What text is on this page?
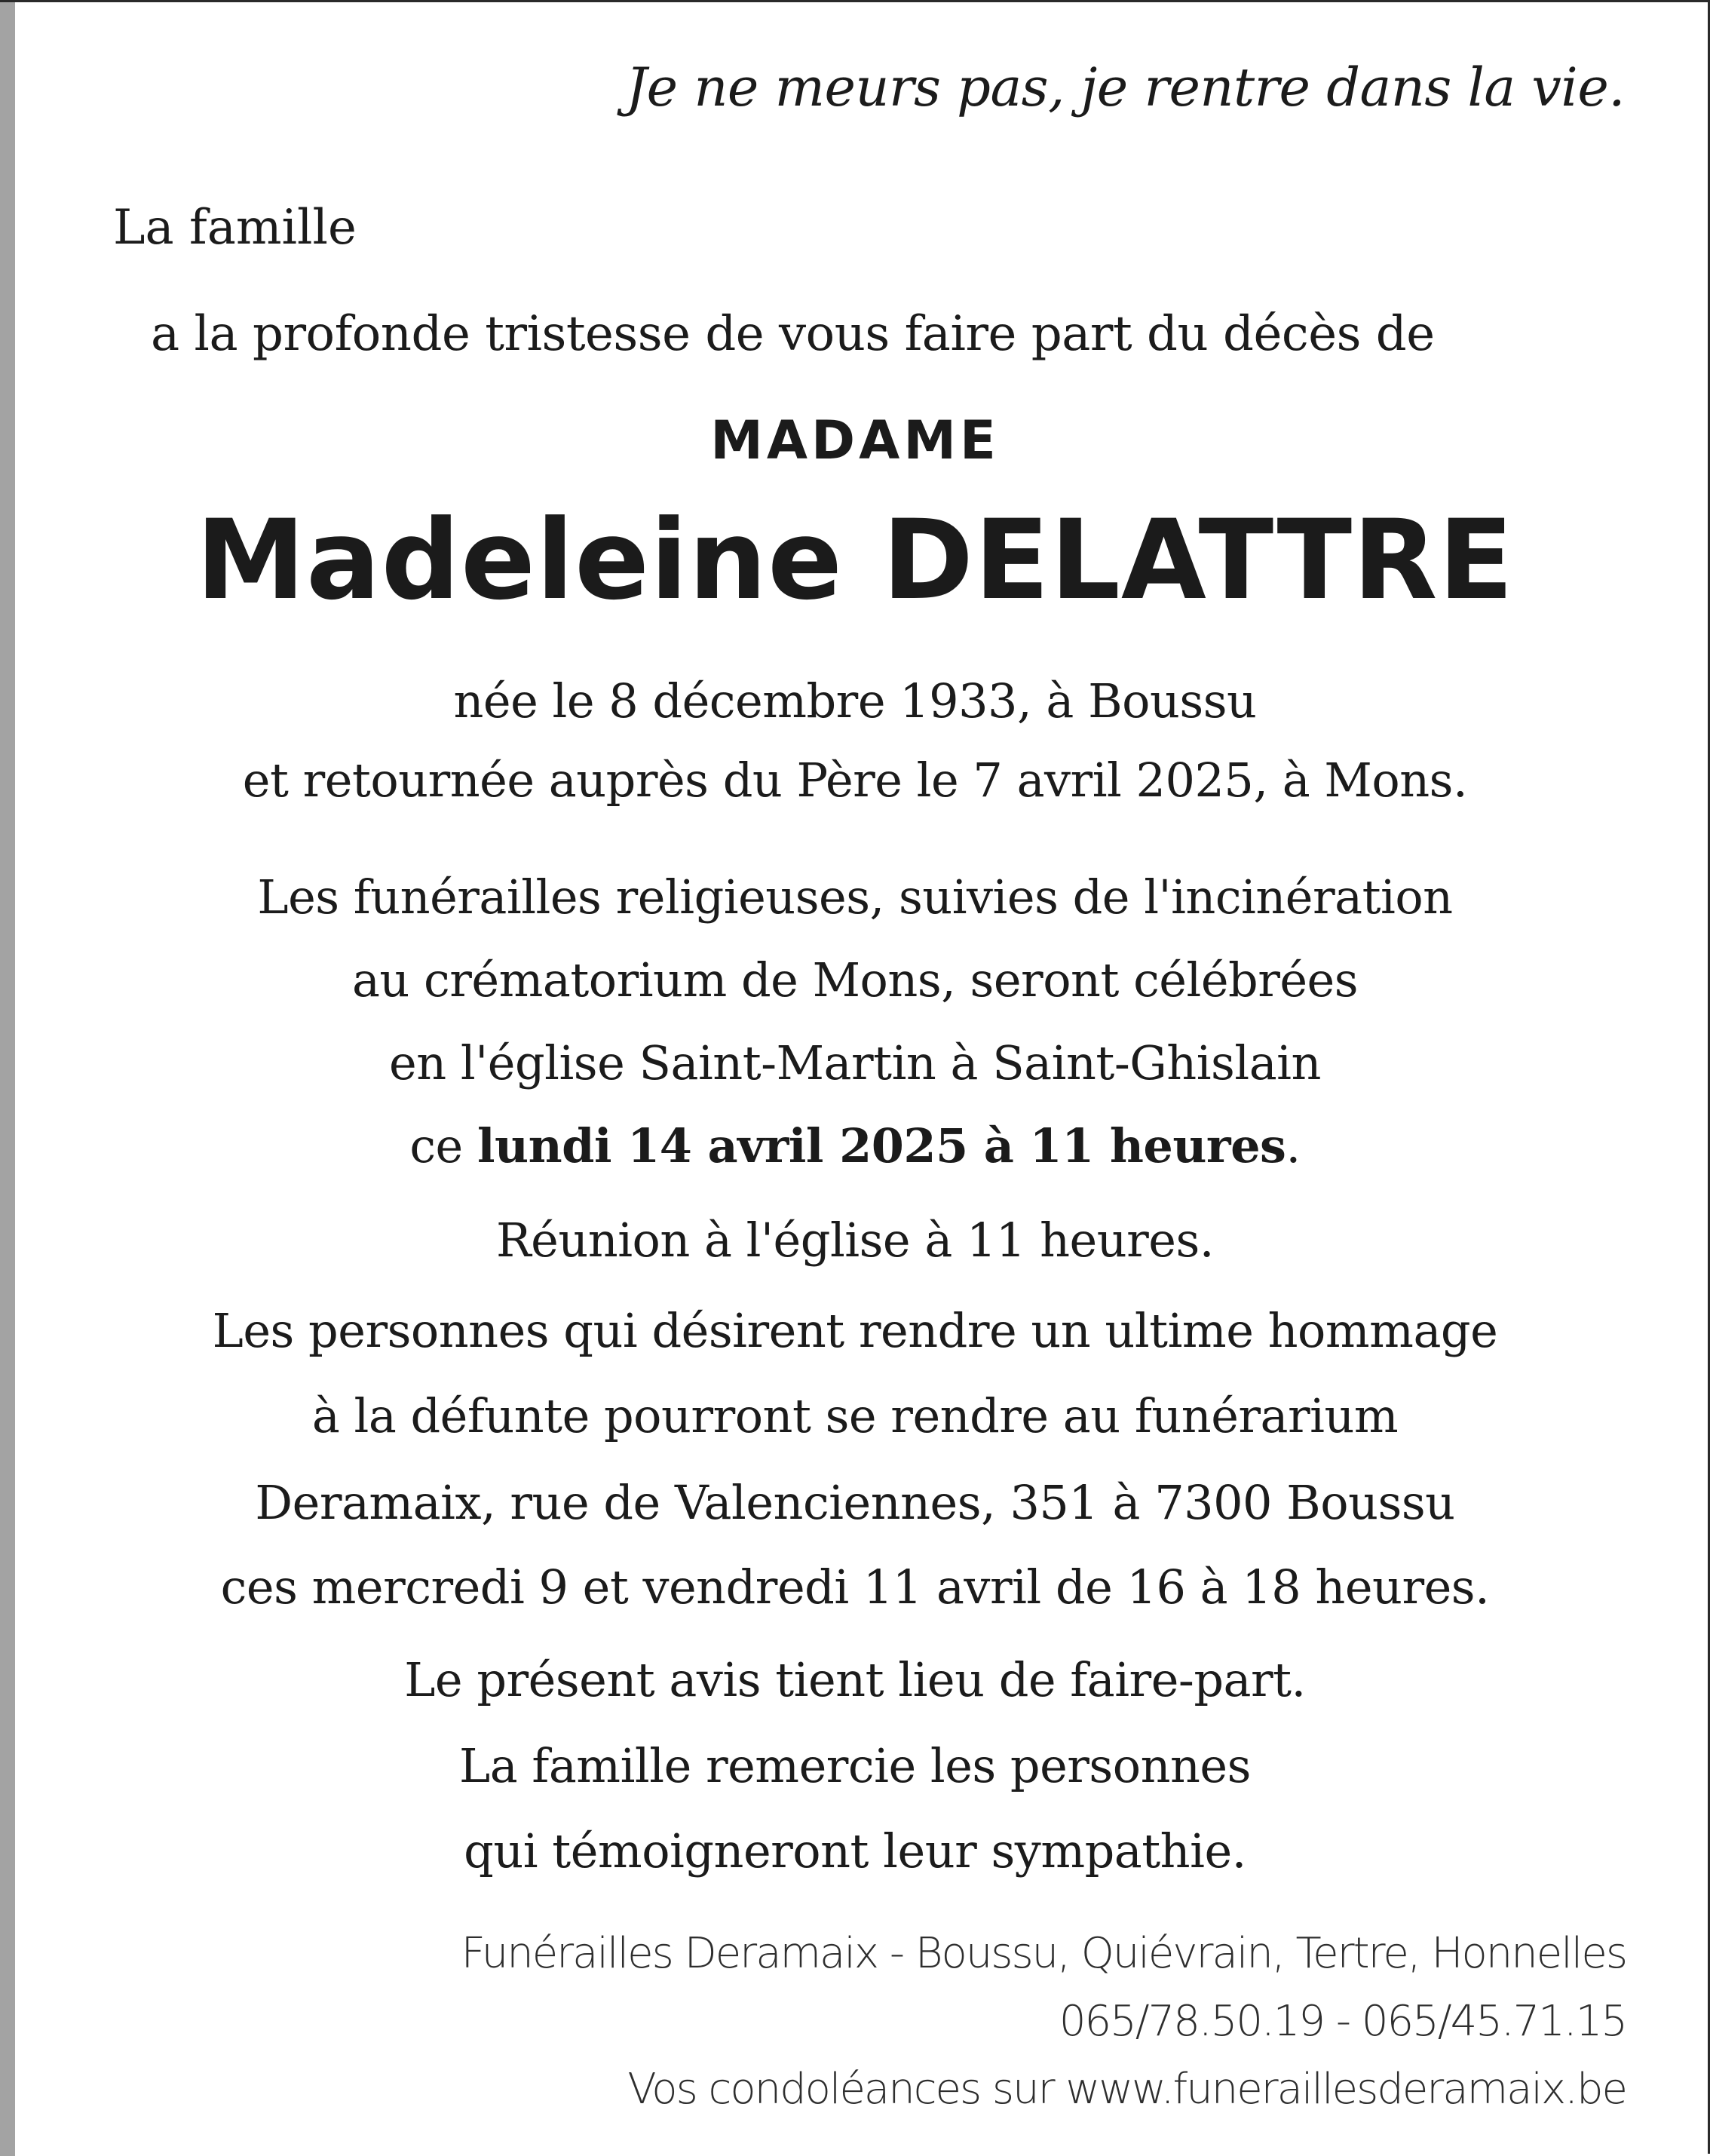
Je ne meurs pas, je rentre dans la vie.
La famille
a la profonde tristesse de vous faire part du décès de
MADAME
Madeleine DELATTRE
née le 8 décembre 1933, à Boussu
et retournée auprès du Père le 7 avril 2025, à Mons.
Les funérailles religieuses, suivies de l'incinération
au crématorium de Mons, seront célébrées
en l'église Saint-Martin à Saint-Ghislain
ce lundi 14 avril 2025 à 11 heures.
Réunion à l'église à 11 heures.
Les personnes qui désirent rendre un ultime hommage
à la défunte pourront se rendre au funérarium
Deramaix, rue de Valenciennes, 351 à 7300 Boussu
ces mercredi 9 et vendredi 11 avril de 16 à 18 heures.
Le présent avis tient lieu de faire-part.
La famille remercie les personnes
qui témoigneront leur sympathie.
Funérailles Deramaix - Boussu, Quiévrain, Tertre, Honnelles
065/78.50.19 - 065/45.71.15
Vos condoléances sur www.funeraillesderamaix.be
